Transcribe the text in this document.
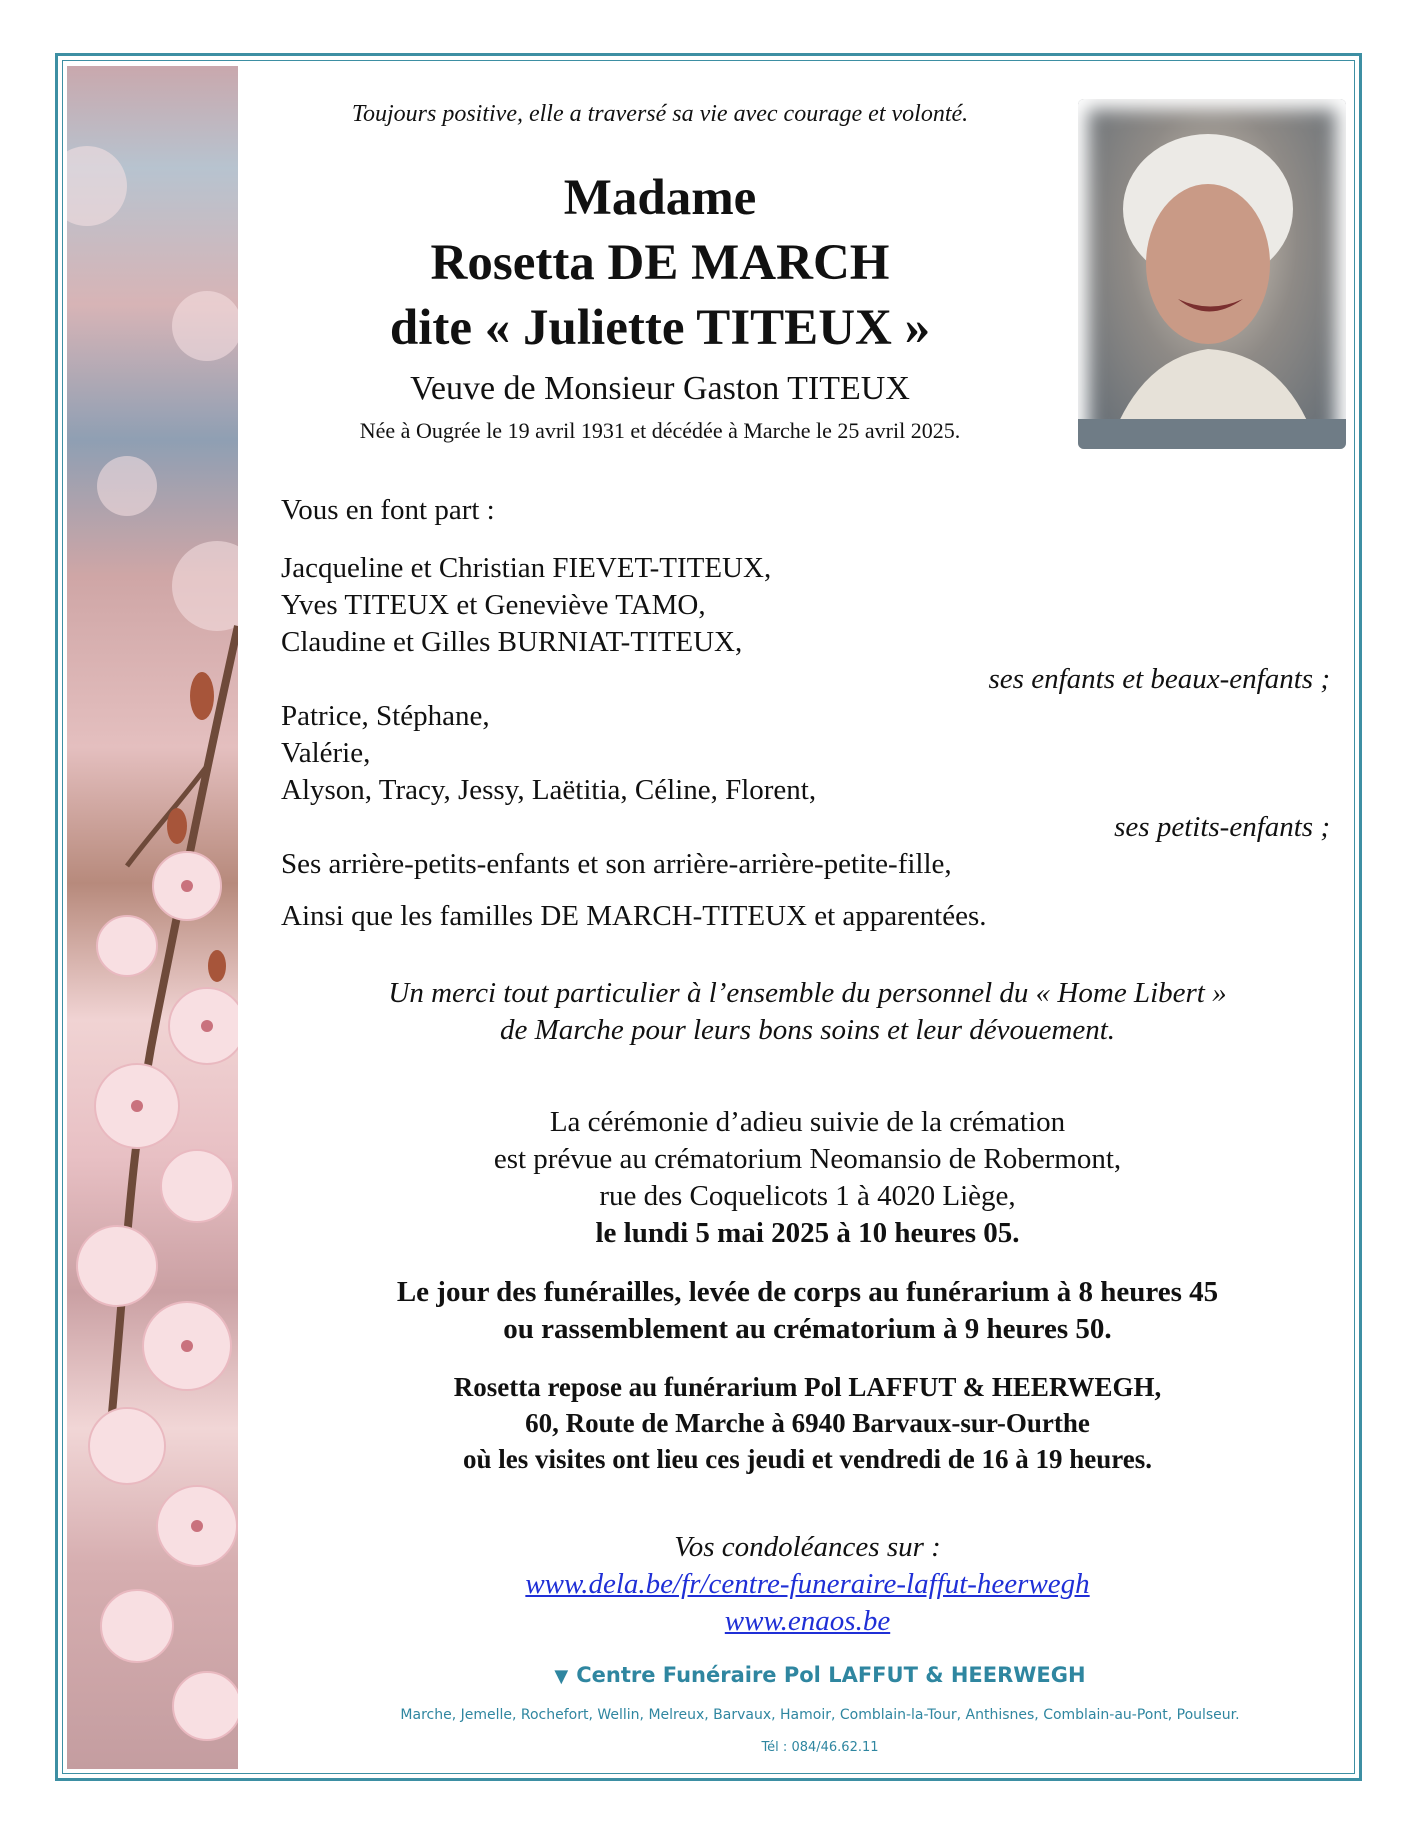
Toujours positive, elle a traversé sa vie avec courage et volonté.
Madame
Rosetta DE MARCH
dite « Juliette TITEUX »
Veuve de Monsieur Gaston TITEUX
Née à Ougrée le 19 avril 1931 et décédée à Marche le 25 avril 2025.
Vous en font part :
Jacqueline et Christian FIEVET-TITEUX,
Yves TITEUX et Geneviève TAMO,
Claudine et Gilles BURNIAT-TITEUX,
ses enfants et beaux-enfants ;
Patrice, Stéphane,
Valérie,
Alyson, Tracy, Jessy, Laëtitia, Céline, Florent,
ses petits-enfants ;
Ses arrière-petits-enfants et son arrière-arrière-petite-fille,
Ainsi que les familles DE MARCH-TITEUX et apparentées.
Un merci tout particulier à l’ensemble du personnel du « Home Libert »
de Marche pour leurs bons soins et leur dévouement.
La cérémonie d’adieu suivie de la crémation
est prévue au crématorium Neomansio de Robermont,
rue des Coquelicots 1 à 4020 Liège,
le lundi 5 mai 2025 à 10 heures 05.
Le jour des funérailles, levée de corps au funérarium à 8 heures 45
ou rassemblement au crématorium à 9 heures 50.
Rosetta repose au funérarium Pol LAFFUT & HEERWEGH,
60, Route de Marche à 6940 Barvaux-sur-Ourthe
où les visites ont lieu ces jeudi et vendredi de 16 à 19 heures.
Vos condoléances sur :
www.dela.be/fr/centre-funeraire-laffut-heerwegh
www.enaos.be
▼ Centre Funéraire Pol LAFFUT & HEERWEGH
Marche, Jemelle, Rochefort, Wellin, Melreux, Barvaux, Hamoir, Comblain-la-Tour, Anthisnes, Comblain-au-Pont, Poulseur.
Tél : 084/46.62.11
